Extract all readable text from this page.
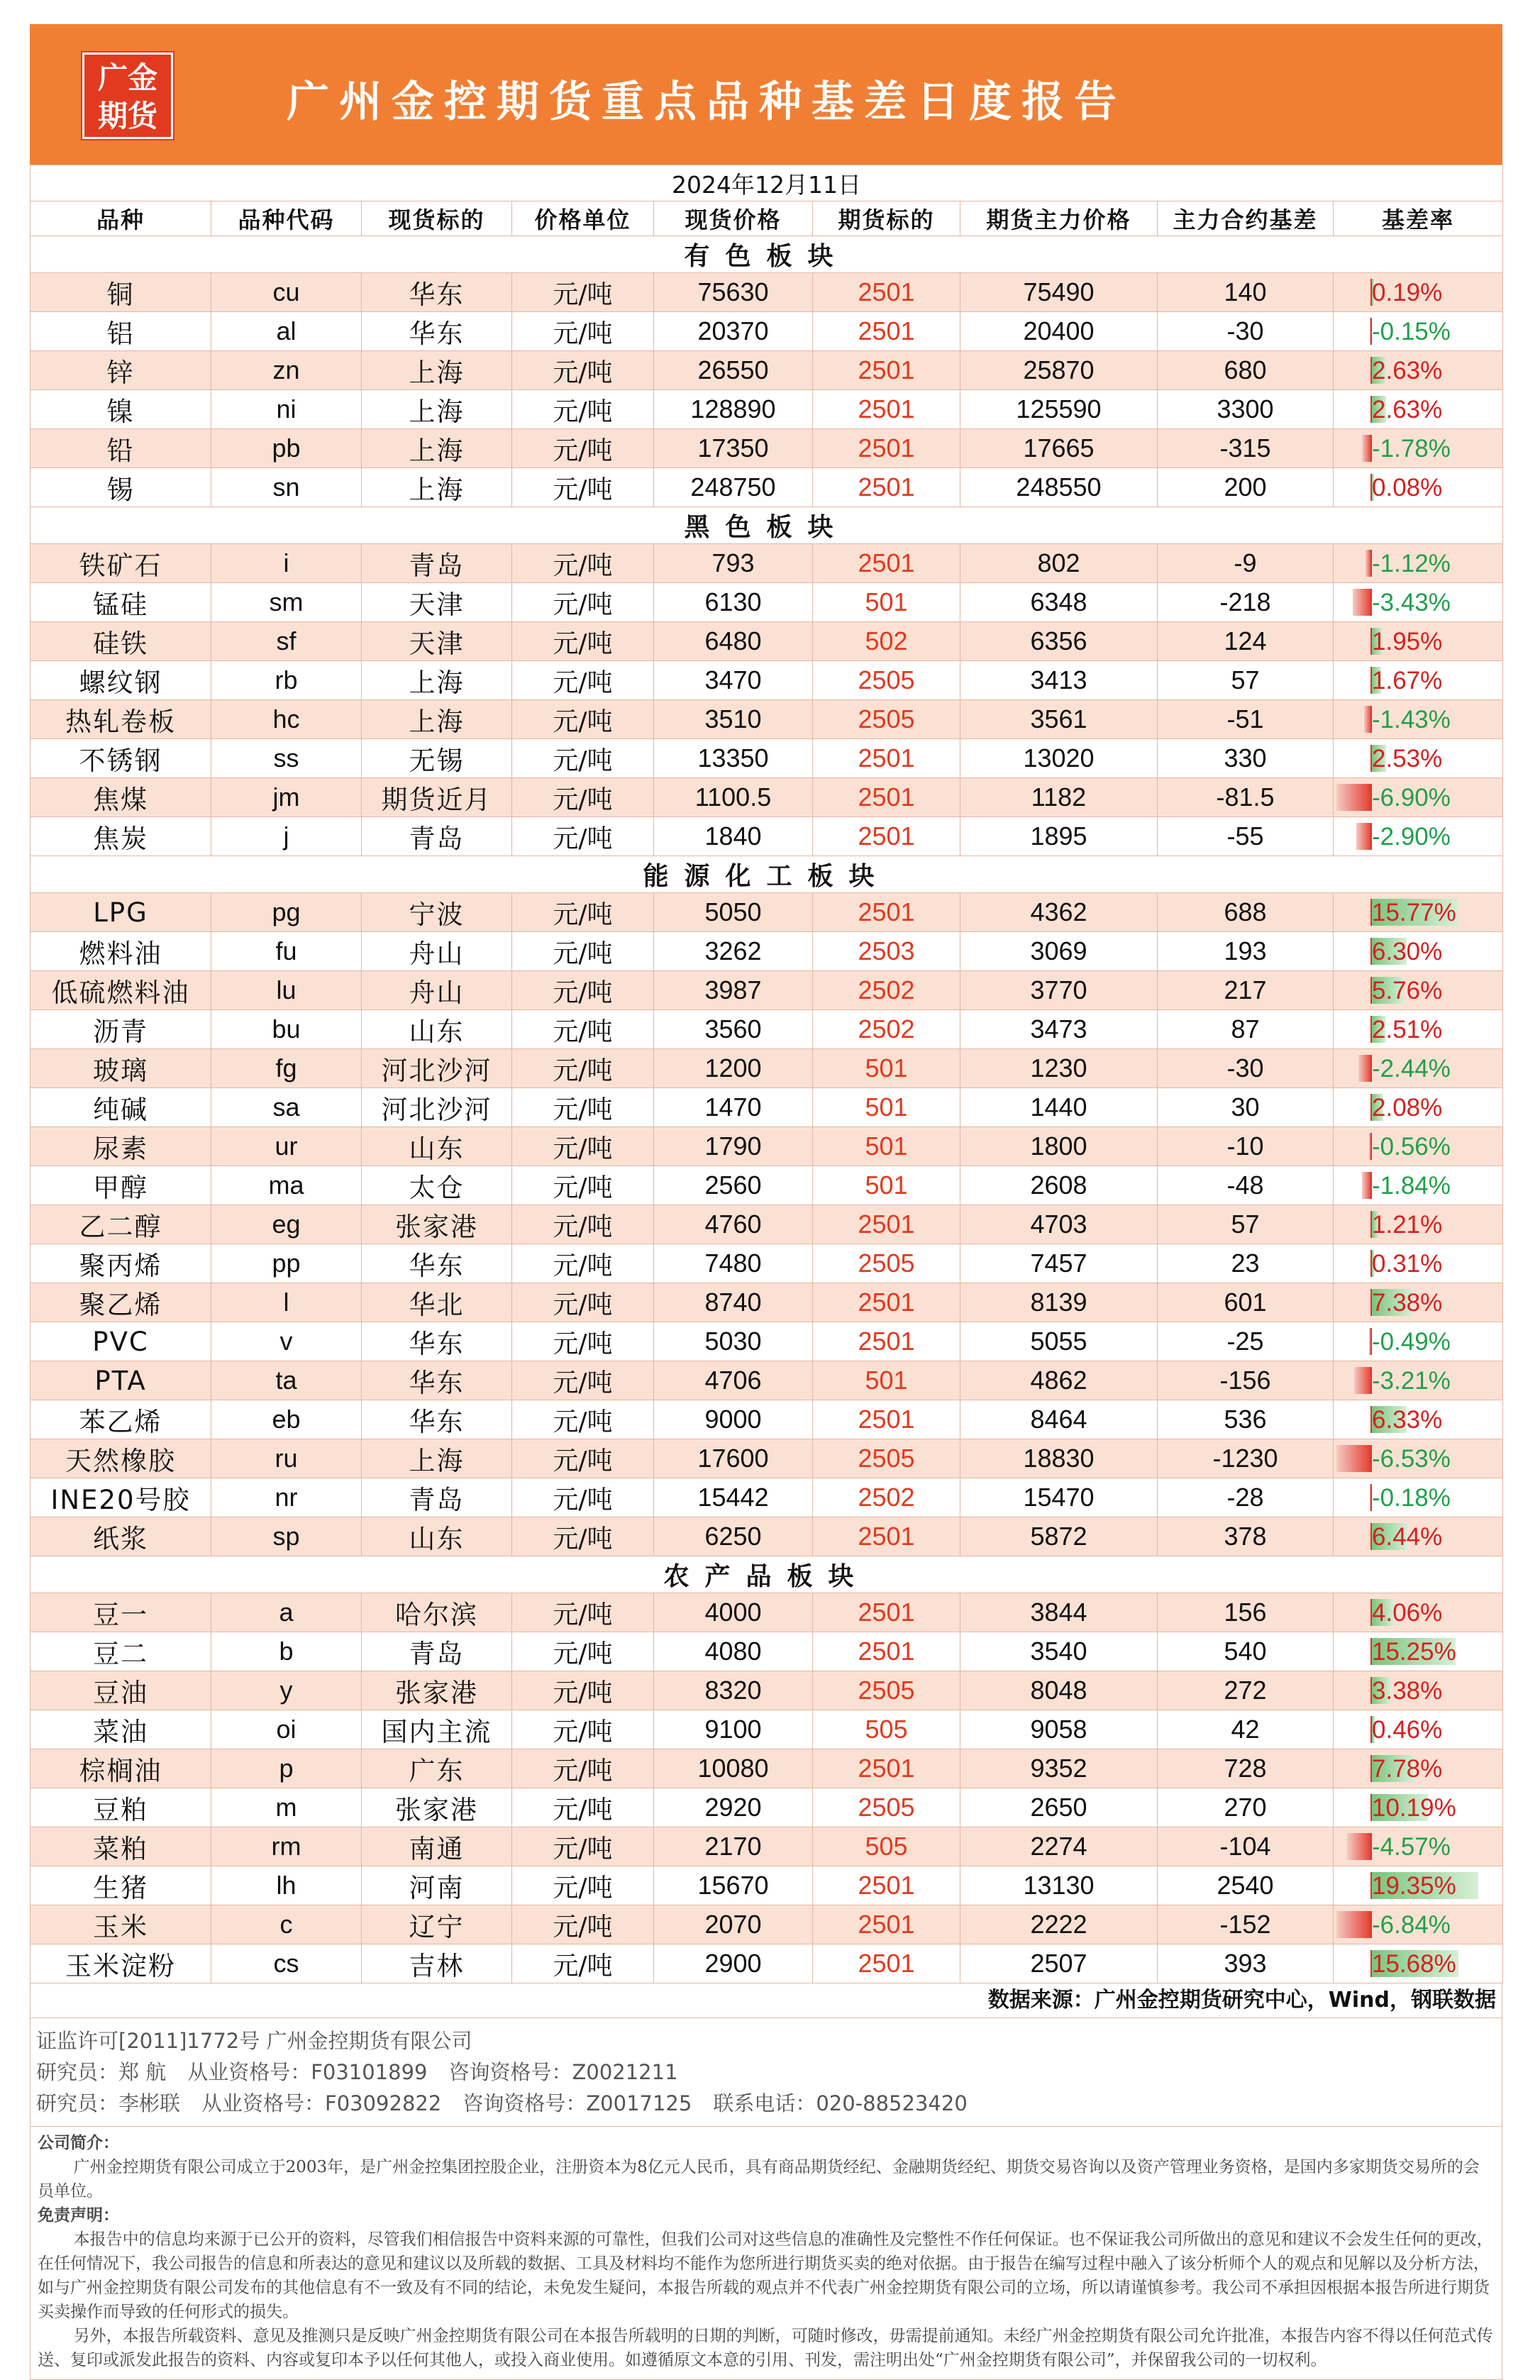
广金
期货	广州金控期货重点品种基差日度报告
2024年12月11日								
品种	品种代码	现货标的	价格单位	现货价格	期货标的	期货主力价格	主力合约基差	基差率
有色板块								
铜	cu	华东	元/吨	75630	2501	75490	140	0.19%
铝	al	华东	元/吨	20370	2501	20400	-30	-0.15%
锌	zn	上海	元/吨	26550	2501	25870	680	2.63%
镍	ni	上海	元/吨	128890	2501	125590	3300	2.63%
铅	pb	上海	元/吨	17350	2501	17665	-315	-1.78%
锡	sn	上海	元/吨	248750	2501	248550	200	0.08%
黑色板块								
铁矿石	i	青岛	元/吨	793	2501	802	-9	-1.12%
锰硅	sm	天津	元/吨	6130	501	6348	-218	-3.43%
硅铁	sf	天津	元/吨	6480	502	6356	124	1.95%
螺纹钢	rb	上海	元/吨	3470	2505	3413	57	1.67%
热轧卷板	hc	上海	元/吨	3510	2505	3561	-51	-1.43%
不锈钢	ss	无锡	元/吨	13350	2501	13020	330	2.53%
焦煤	jm	期货近月	元/吨	1100.5	2501	1182	-81.5	-6.90%
焦炭	j	青岛	元/吨	1840	2501	1895	-55	-2.90%
能源化工板块								
LPG	pg	宁波	元/吨	5050	2501	4362	688	15.77%
燃料油	fu	舟山	元/吨	3262	2503	3069	193	6.30%
低硫燃料油	lu	舟山	元/吨	3987	2502	3770	217	5.76%
沥青	bu	山东	元/吨	3560	2502	3473	87	2.51%
玻璃	fg	河北沙河	元/吨	1200	501	1230	-30	-2.44%
纯碱	sa	河北沙河	元/吨	1470	501	1440	30	2.08%
尿素	ur	山东	元/吨	1790	501	1800	-10	-0.56%
甲醇	ma	太仓	元/吨	2560	501	2608	-48	-1.84%
乙二醇	eg	张家港	元/吨	4760	2501	4703	57	1.21%
聚丙烯	pp	华东	元/吨	7480	2505	7457	23	0.31%
聚乙烯	l	华北	元/吨	8740	2501	8139	601	7.38%
PVC	v	华东	元/吨	5030	2501	5055	-25	-0.49%
PTA	ta	华东	元/吨	4706	501	4862	-156	-3.21%
苯乙烯	eb	华东	元/吨	9000	2501	8464	536	6.33%
天然橡胶	ru	上海	元/吨	17600	2505	18830	-1230	-6.53%
INE20号胶	nr	青岛	元/吨	15442	2502	15470	-28	-0.18%
纸浆	sp	山东	元/吨	6250	2501	5872	378	6.44%
农产品板块								
豆一	a	哈尔滨	元/吨	4000	2501	3844	156	4.06%
豆二	b	青岛	元/吨	4080	2501	3540	540	15.25%
豆油	y	张家港	元/吨	8320	2505	8048	272	3.38%
菜油	oi	国内主流	元/吨	9100	505	9058	42	0.46%
棕榈油	p	广东	元/吨	10080	2501	9352	728	7.78%
豆粕	m	张家港	元/吨	2920	2505	2650	270	10.19%
菜粕	rm	南通	元/吨	2170	505	2274	-104	-4.57%
生猪	lh	河南	元/吨	15670	2501	13130	2540	19.35%
玉米	c	辽宁	元/吨	2070	2501	2222	-152	-6.84%
玉米淀粉	cs	吉林	元/吨	2900	2501	2507	393	15.68%
数据来源：广州金控期货研究中心，Wind，钢联数据
证监许可[2011]1772号 广州金控期货有限公司
研究员：郑 航 从业资格号：F03101899 咨询资格号：Z0021211
研究员：李彬联 从业资格号：F03092822 咨询资格号：Z0017125 联系电话：020-88523420
公司简介：

广州金控期货有限公司成立于2003年，是广州金控集团控股企业，注册资本为8亿元人民币，具有商品期货经纪、金融期货经纪、期货交易咨询以及资产管理业务资格，是国内多家期货交易所的会员单位。

免责声明：

本报告中的信息均来源于已公开的资料，尽管我们相信报告中资料来源的可靠性，但我们公司对这些信息的准确性及完整性不作任何保证。也不保证我公司所做出的意见和建议不会发生任何的更改，在任何情况下，我公司报告的信息和所表达的意见和建议以及所载的数据、工具及材料均不能作为您所进行期货买卖的绝对依据。由于报告在编写过程中融入了该分析师个人的观点和见解以及分析方法，如与广州金控期货有限公司发布的其他信息有不一致及有不同的结论，未免发生疑问，本报告所载的观点并不代表广州金控期货有限公司的立场，所以请谨慎参考。我公司不承担因根据本报告所进行期货买卖操作而导致的任何形式的损失。

另外，本报告所载资料、意见及推测只是反映广州金控期货有限公司在本报告所载明的日期的判断，可随时修改，毋需提前通知。未经广州金控期货有限公司允许批准，本报告内容不得以任何范式传送、复印或派发此报告的资料、内容或复印本予以任何其他人，或投入商业使用。如遵循原文本意的引用、刊发，需注明出处“广州金控期货有限公司”，并保留我公司的一切权利。
